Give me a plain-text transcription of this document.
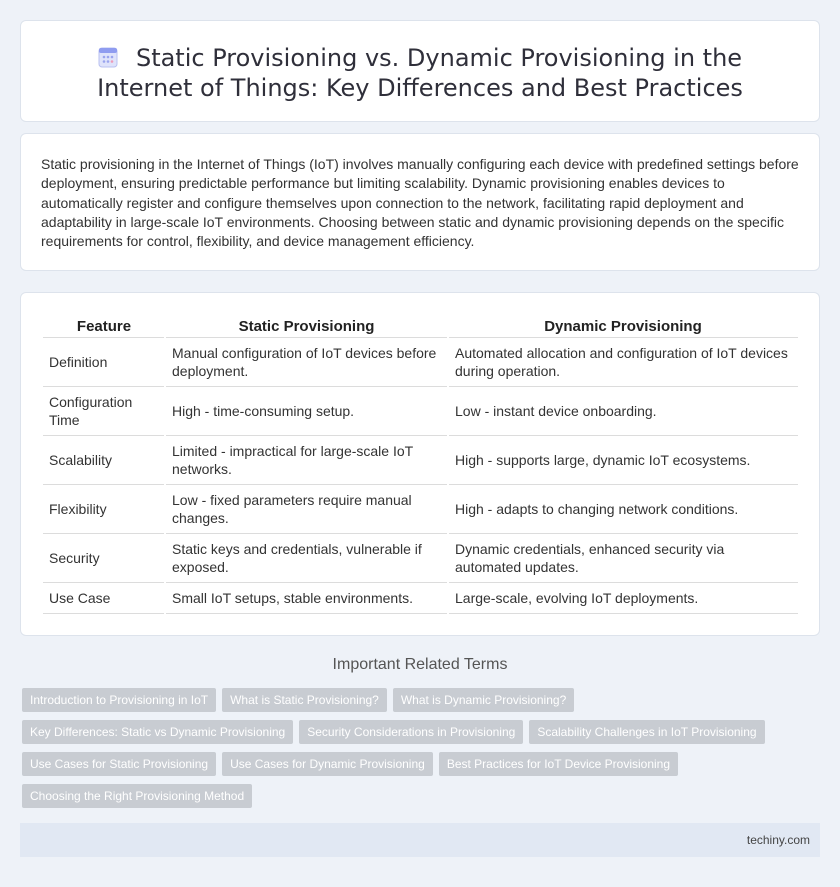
Static Provisioning vs. Dynamic Provisioning in the Internet of Things: Key Differences and Best Practices

Static provisioning in the Internet of Things (IoT) involves manually configuring each device with predefined settings before deployment, ensuring predictable performance but limiting scalability. Dynamic provisioning enables devices to automatically register and configure themselves upon connection to the network, facilitating rapid deployment and adaptability in large-scale IoT environments. Choosing between static and dynamic provisioning depends on the specific requirements for control, flexibility, and device management efficiency.

Feature	Static Provisioning	Dynamic Provisioning
Definition	Manual configuration of IoT devices before deployment.	Automated allocation and configuration of IoT devices during operation.
Configuration Time	High - time-consuming setup.	Low - instant device onboarding.
Scalability	Limited - impractical for large-scale IoT networks.	High - supports large, dynamic IoT ecosystems.
Flexibility	Low - fixed parameters require manual changes.	High - adapts to changing network conditions.
Security	Static keys and credentials, vulnerable if exposed.	Dynamic credentials, enhanced security via automated updates.
Use Case	Small IoT setups, stable environments.	Large-scale, evolving IoT deployments.
Important Related Terms
Introduction to Provisioning in IoT What is Static Provisioning? What is Dynamic Provisioning?
Key Differences: Static vs Dynamic Provisioning Security Considerations in Provisioning Scalability Challenges in IoT Provisioning
Use Cases for Static Provisioning Use Cases for Dynamic Provisioning Best Practices for IoT Device Provisioning
Choosing the Right Provisioning Method
techiny.com
